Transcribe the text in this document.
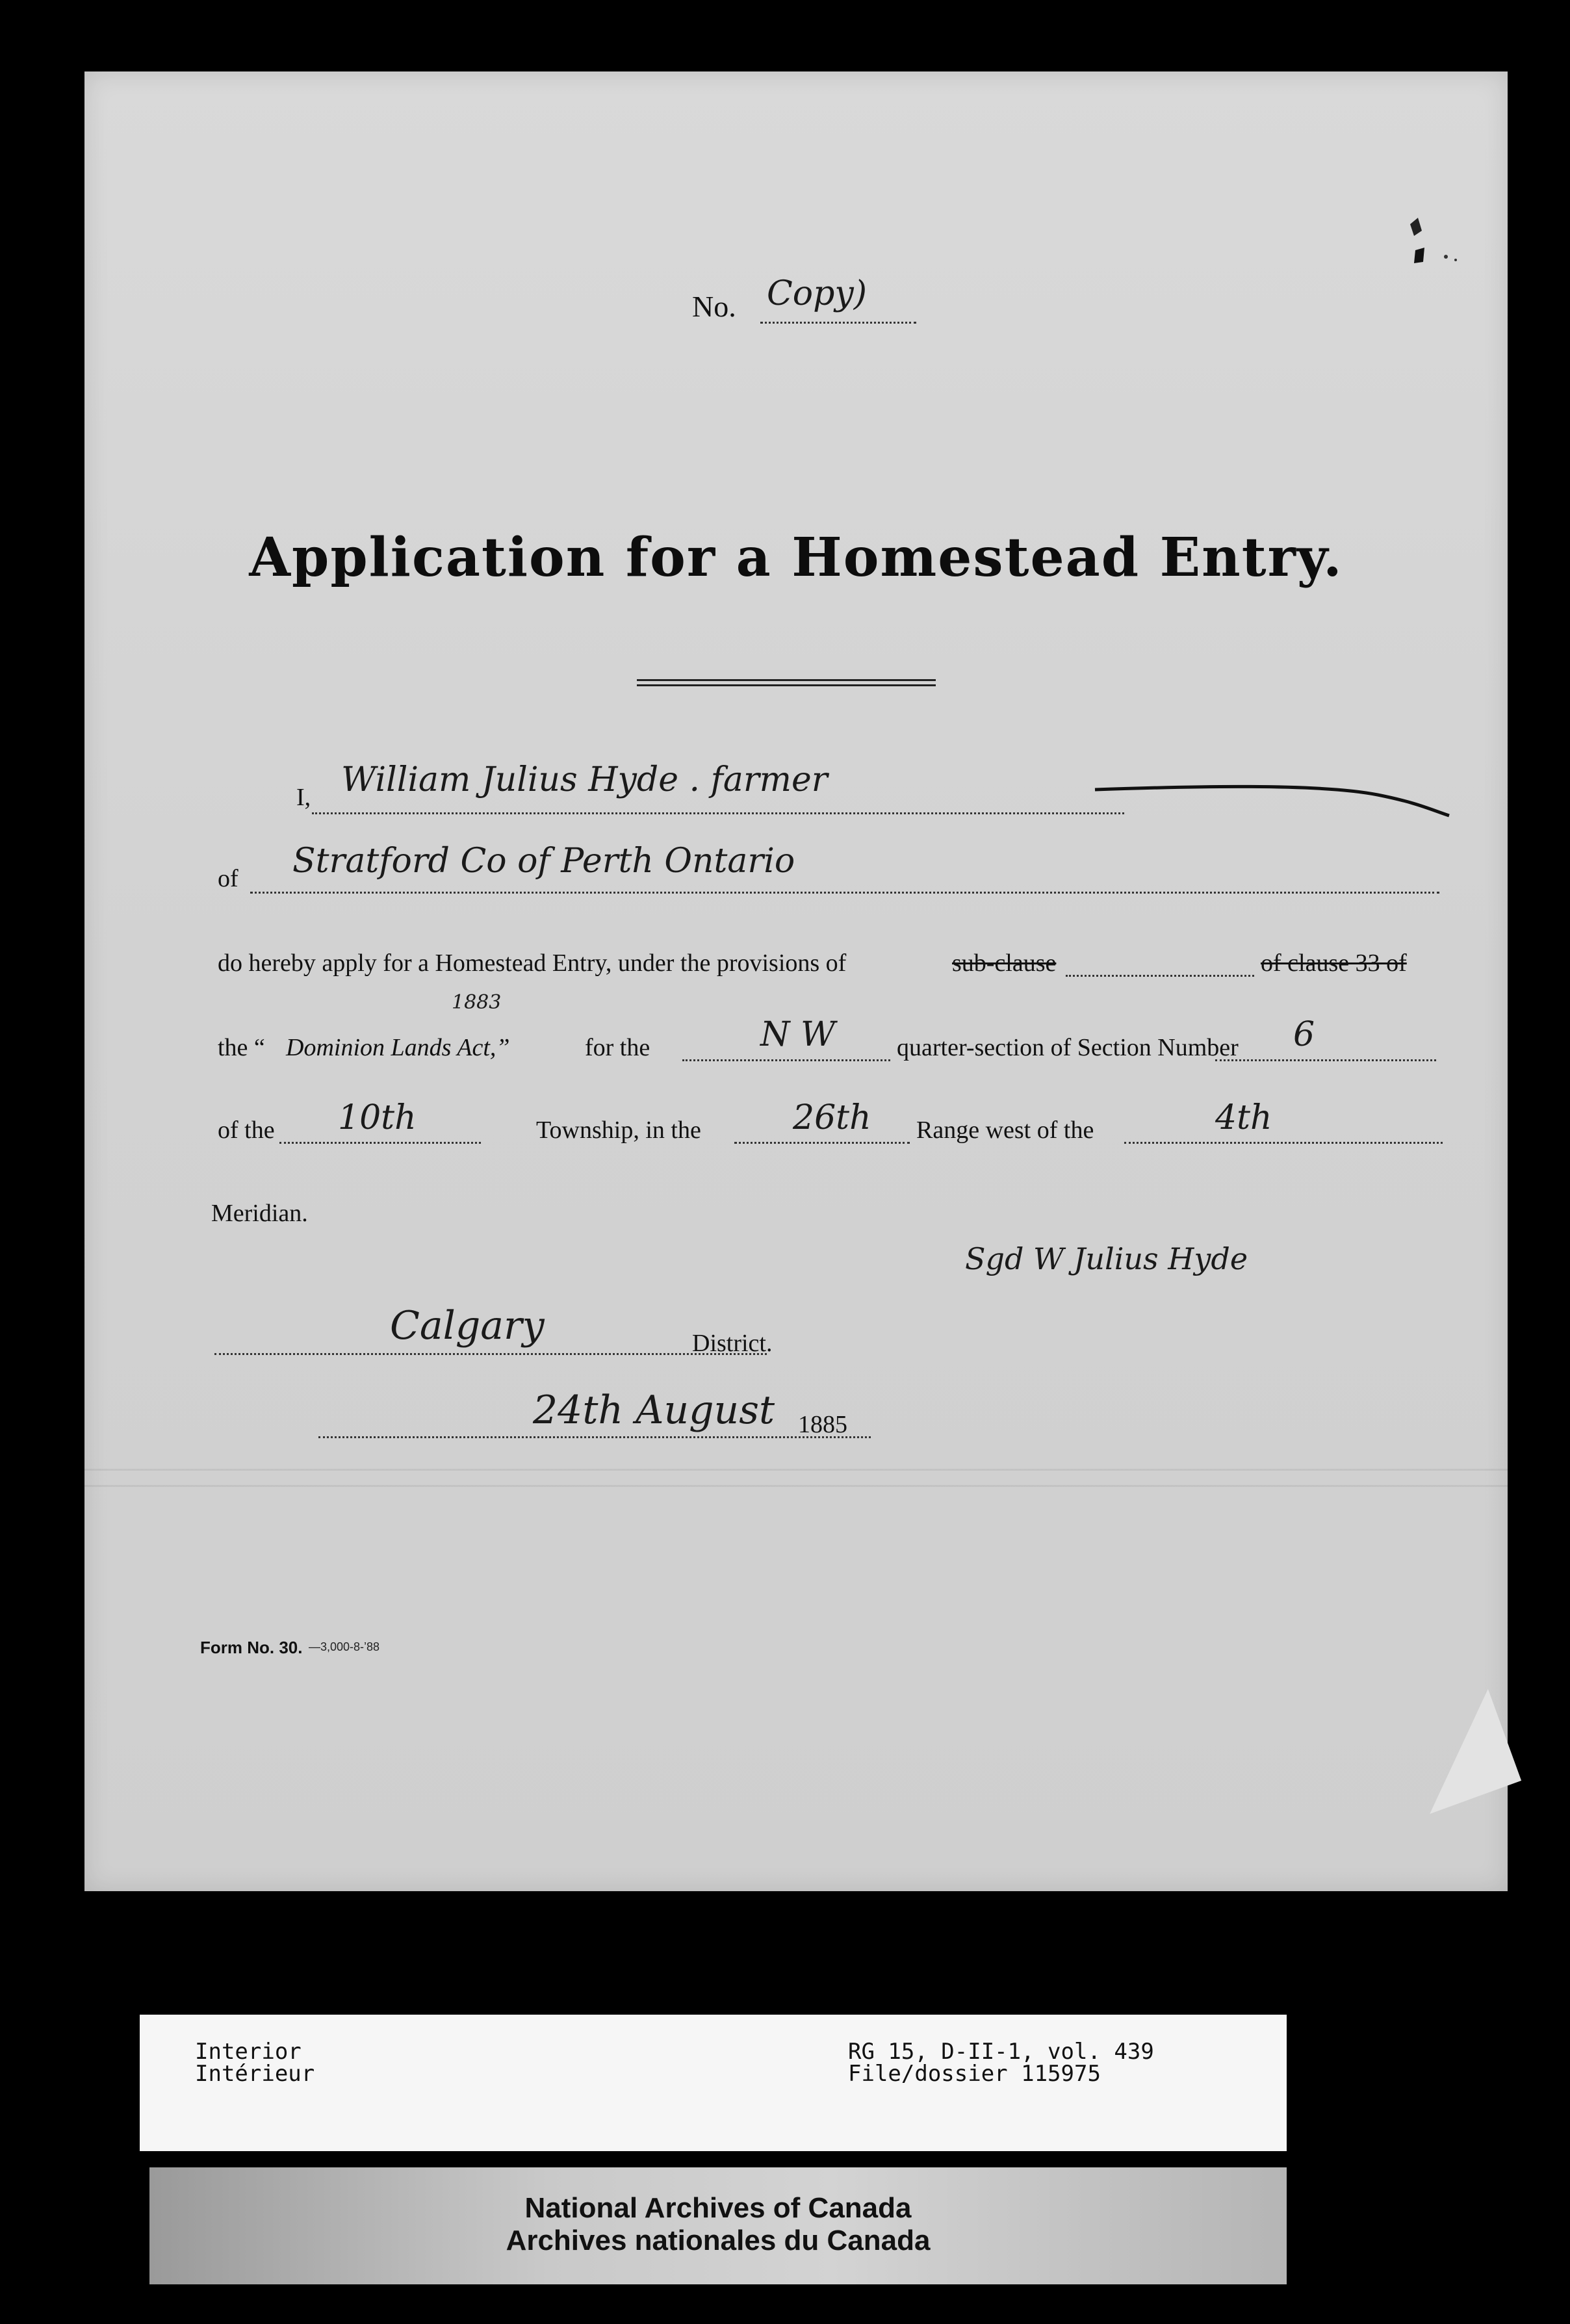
No. Copy)
Application for a Homestead Entry.
I, William Julius Hyde . farmer
of Stratford Co of Perth Ontario
do hereby apply for a Homestead Entry, under the provisions of	sub-clause	of clause 33 of
the “ Dominion Lands Act,”
1883
for the	N W quarter-section of Section Number 6
of the 10th	Township, in the	26th Range west of the	4th
Meridian.
Sgd W Julius Hyde
Calgary	District.
24th August 1885
Form No. 30. —3,000-8-’88
Interior
Intérieur
RG 15, D-II-1, vol. 439
File/dossier 115975
National Archives of Canada
Archives nationales du Canada
